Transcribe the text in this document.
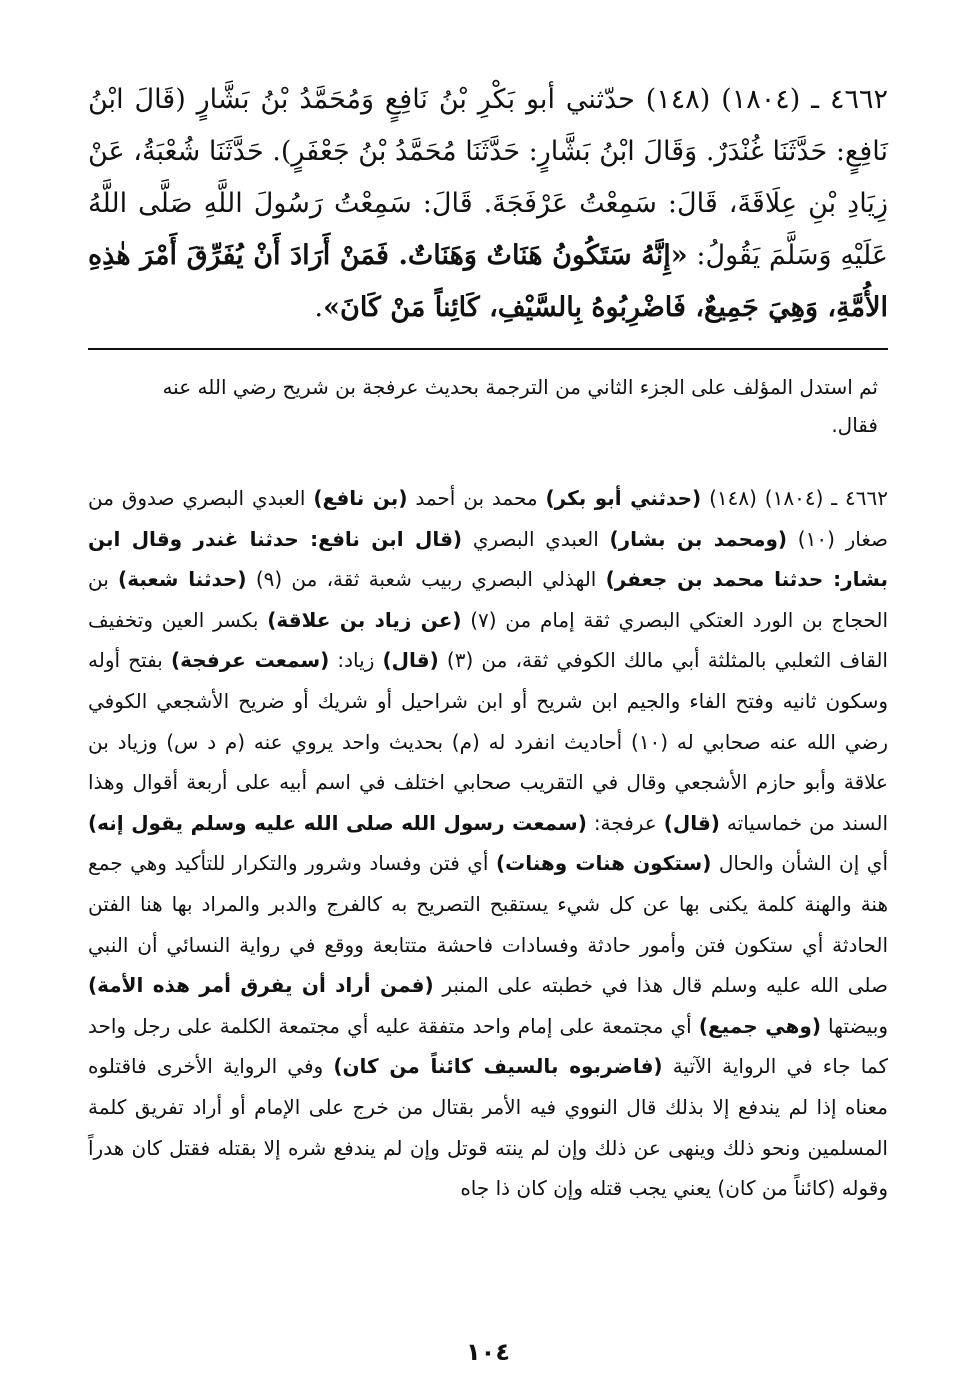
٤٦٦٢ ـ (١٨٠٤) (١٤٨) حدّثني أبو بَكْرِ بْنُ نَافِعٍ وَمُحَمَّدُ بْنُ بَشَّارٍ (قَالَ ابْنُ نَافِعٍ: حَدَّثَنَا غُنْدَرٌ. وَقَالَ ابْنُ بَشَّارٍ: حَدَّثَنَا مُحَمَّدُ بْنُ جَعْفَرٍ). حَدَّثَنَا شُعْبَةُ، عَنْ زِيَادِ بْنِ عِلَاقَةَ، قَالَ: سَمِعْتُ عَرْفَجَةَ. قَالَ: سَمِعْتُ رَسُولَ اللَّهِ صَلَّى اللَّهُ عَلَيْهِ وَسَلَّمَ يَقُولُ: «إِنَّهُ سَتَكُونُ هَنَاتٌ وَهَنَاتٌ. فَمَنْ أَرَادَ أَنْ يُفَرِّقَ أَمْرَ هٰذِهِ الأُمَّةِ، وَهِيَ جَمِيعٌ، فَاضْرِبُوهُ بِالسَّيْفِ، كَائِناً مَنْ كَانَ».

ثم استدل المؤلف على الجزء الثاني من الترجمة بحديث عرفجة بن شريح رضي الله عنه فقال.

٤٦٦٢ ـ (١٨٠٤) (١٤٨) (حدثني أبو بكر) محمد بن أحمد (بن نافع) العبدي البصري صدوق من صغار (١٠) (ومحمد بن بشار) العبدي البصري (قال ابن نافع: حدثنا غندر وقال ابن بشار: حدثنا محمد بن جعفر) الهذلي البصري ربيب شعبة ثقة، من (٩) (حدثنا شعبة) بن الحجاج بن الورد العتكي البصري ثقة إمام من (٧) (عن زياد بن علاقة) بكسر العين وتخفيف القاف الثعلبي بالمثلثة أبي مالك الكوفي ثقة، من (٣) (قال) زياد: (سمعت عرفجة) بفتح أوله وسكون ثانيه وفتح الفاء والجيم ابن شريح أو ابن شراحيل أو شريك أو ضريح الأشجعي الكوفي رضي الله عنه صحابي له (١٠) أحاديث انفرد له (م) بحديث واحد يروي عنه (م د س) وزياد بن علاقة وأبو حازم الأشجعي وقال في التقريب صحابي اختلف في اسم أبيه على أربعة أقوال وهذا السند من خماسياته (قال) عرفجة: (سمعت رسول الله صلى الله عليه وسلم يقول إنه) أي إن الشأن والحال (ستكون هنات وهنات) أي فتن وفساد وشرور والتكرار للتأكيد وهي جمع هنة والهنة كلمة يكنى بها عن كل شيء يستقبح التصريح به كالفرج والدبر والمراد بها هنا الفتن الحادثة أي ستكون فتن وأمور حادثة وفسادات فاحشة متتابعة ووقع في رواية النسائي أن النبي صلى الله عليه وسلم قال هذا في خطبته على المنبر (فمن أراد أن يفرق أمر هذه الأمة) وبيضتها (وهي جميع) أي مجتمعة على إمام واحد متفقة عليه أي مجتمعة الكلمة على رجل واحد كما جاء في الرواية الآتية (فاضربوه بالسيف كائناً من كان) وفي الرواية الأخرى فاقتلوه معناه إذا لم يندفع إلا بذلك قال النووي فيه الأمر بقتال من خرج على الإمام أو أراد تفريق كلمة المسلمين ونحو ذلك وينهى عن ذلك وإن لم ينته قوتل وإن لم يندفع شره إلا بقتله فقتل كان هدراً وقوله (كائناً من كان) يعني يجب قتله وإن كان ذا جاه

١٠٤
